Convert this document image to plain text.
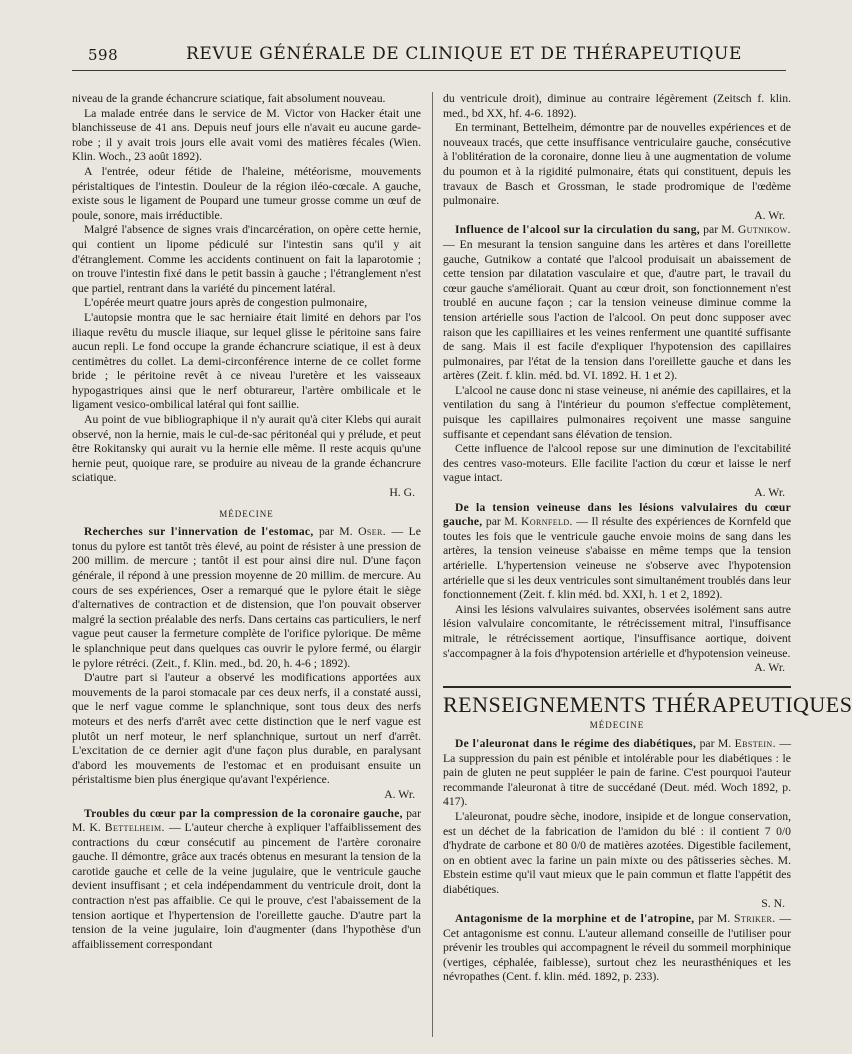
598	REVUE GÉNÉRALE DE CLINIQUE ET DE THÉRAPEUTIQUE

niveau de la grande échancrure sciatique, fait absolument nouveau.

La malade entrée dans le service de M. Victor von Hacker était une blanchisseuse de 41 ans. Depuis neuf jours elle n'avait eu aucune garde-robe ; il y avait trois jours elle avait vomi des matières fécales (Wien. Klin. Woch., 23 août 1892).

A l'entrée, odeur fétide de l'haleine, météorisme, mouvements péristaltiques de l'intestin. Douleur de la région iléo-cœcale. A gauche, existe sous le ligament de Poupard une tumeur grosse comme un œuf de poule, sonore, mais irréductible.

Malgré l'absence de signes vrais d'incarcération, on opère cette hernie, qui contient un lipome pédiculé sur l'intestin sans qu'il y ait d'étranglement. Comme les accidents continuent on fait la laparotomie ; on trouve l'intestin fixé dans le petit bassin à gauche ; l'étranglement n'est que partiel, rentrant dans la variété du pincement latéral.

L'opérée meurt quatre jours après de congestion pulmonaire,

L'autopsie montra que le sac herniaire était limité en dehors par l'os iliaque revêtu du muscle iliaque, sur lequel glisse le péritoine sans faire aucun repli. Le fond occupe la grande échancrure sciatique, il est à deux centimètres du collet. La demi-circonférence interne de ce collet forme bride ; le péritoine revêt à ce niveau l'uretère et les vaisseaux hypogastriques ainsi que le nerf obturareur, l'artère ombilicale et le ligament vesico-ombilical latéral qui font saillie.

Au point de vue bibliographique il n'y aurait qu'à citer Klebs qui aurait observé, non la hernie, mais le cul-de-sac péritonéal qui y prélude, et peut être Rokitansky qui aurait vu la hernie elle même. Il reste acquis qu'une hernie peut, quoique rare, se produire au niveau de la grande échancrure sciatique.

H. G.

MÉDECINE

Recherches sur l'innervation de l'estomac, par M. Oser. — Le tonus du pylore est tantôt très élevé, au point de résister à une pression de 200 millim. de mercure ; tantôt il est pour ainsi dire nul. D'une façon générale, il répond à une pression moyenne de 20 millim. de mercure. Au cours de ses expériences, Oser a remarqué que le pylore était le siège d'alternatives de contraction et de distension, que l'on pouvait observer malgré la section préalable des nerfs. Dans certains cas particuliers, le nerf vague peut causer la fermeture complète de l'orifice pylorique. De même le splanchnique peut dans quelques cas ouvrir le pylore fermé, ou élargir le pylore rétréci. (Zeit., f. Klin. med., bd. 20, h. 4-6 ; 1892).

D'autre part si l'auteur a observé les modifications apportées aux mouvements de la paroi stomacale par ces deux nerfs, il a constaté aussi, que le nerf vague comme le splanchnique, sont tous deux des nerfs moteurs et des nerfs d'arrêt avec cette distinction que le nerf vague est plutôt un nerf moteur, le nerf splanchnique, surtout un nerf d'arrêt. L'excitation de ce dernier agit d'une façon plus durable, en paralysant d'abord les mouvements de l'estomac et en produisant ensuite un péristaltisme bien plus énergique qu'avant l'expérience.

A. Wr.

Troubles du cœur par la compression de la coronaire gauche, par M. K. Bettelheim. — L'auteur cherche à expliquer l'affaiblissement des contractions du cœur consécutif au pincement de l'artère coronaire gauche. Il démontre, grâce aux tracés obtenus en mesurant la tension de la carotide gauche et celle de la veine jugulaire, que le ventricule gauche devient insuffisant ; et cela indépendamment du ventricule droit, dont la contraction n'est pas affaiblie. Ce qui le prouve, c'est l'abaissement de la tension aortique et l'hypertension de l'oreillette gauche. D'autre part la tension de la veine jugulaire, loin d'augmenter (dans l'hypothèse d'un affaiblissement correspondant

du ventricule droit), diminue au contraire légèrement (Zeitsch f. klin. med., bd XX, hf. 4-6. 1892).

En terminant, Bettelheim, démontre par de nouvelles expériences et de nouveaux tracés, que cette insuffisance ventriculaire gauche, consécutive à l'oblitération de la coronaire, donne lieu à une augmentation de volume du poumon et à la rigidité pulmonaire, états qui constituent, depuis les travaux de Basch et Grossman, le stade prodromique de l'œdème pulmonaire.

A. Wr.

Influence de l'alcool sur la circulation du sang, par M. Gutnikow. — En mesurant la tension sanguine dans les artères et dans l'oreillette gauche, Gutnikow a contaté que l'alcool produisait un abaissement de cette tension par dilatation vasculaire et que, d'autre part, le travail du cœur gauche s'améliorait. Quant au cœur droit, son fonctionnement n'est troublé en aucune façon ; car la tension veineuse diminue comme la tension artérielle sous l'action de l'alcool. On peut donc supposer avec raison que les capilliaires et les veines renferment une quantité suffisante de sang. Mais il est facile d'expliquer l'hypotension des capillaires pulmonaires, par l'état de la tension dans l'oreillette gauche et dans les artères (Zeit. f. klin. méd. bd. VI. 1892. H. 1 et 2).

L'alcool ne cause donc ni stase veineuse, ni anémie des capillaires, et la ventilation du sang à l'intérieur du poumon s'effectue complètement, puisque les capillaires pulmonaires reçoivent une masse sanguine suffisante et cependant sans élévation de tension.

Cette influence de l'alcool repose sur une diminution de l'excitabilité des centres vaso-moteurs. Elle facilite l'action du cœur et laisse le nerf vague intact.

A. Wr.

De la tension veineuse dans les lésions valvulaires du cœur gauche, par M. Kornfeld. — Il résulte des expériences de Kornfeld que toutes les fois que le ventricule gauche envoie moins de sang dans les artères, la tension veineuse s'abaisse en même temps que la tension artérielle. L'hypertension veineuse ne s'observe avec l'hypotension artérielle que si les deux ventricules sont simultanément troublés dans leur fonctionnement (Zeit. f. klin méd. bd. XXI, h. 1 et 2, 1892).

Ainsi les lésions valvulaires suivantes, observées isolément sans autre lésion valvulaire concomitante, le rétrécissement mitral, l'insuffisance mitrale, le rétrécissement aortique, l'insuffisance aortique, doivent s'accompagner à la fois d'hypotension artérielle et d'hypotension veineuse.

A. Wr.

RENSEIGNEMENTS THÉRAPEUTIQUES
MÉDECINE

De l'aleuronat dans le régime des diabétiques, par M. Ebstein. — La suppression du pain est pénible et intolérable pour les diabétiques : le pain de gluten ne peut suppléer le pain de farine. C'est pourquoi l'auteur recommande l'aleuronat à titre de succédané (Deut. méd. Woch 1892, p. 417).

L'aleuronat, poudre sèche, inodore, insipide et de longue conservation, est un déchet de la fabrication de l'amidon du blé : il contient 7 0/0 d'hydrate de carbone et 80 0/0 de matières azotées. Digestible facilement, on en obtient avec la farine un pain mixte ou des pâtisseries sèches. M. Ebstein estime qu'il vaut mieux que le pain commun et flatte l'appétit des diabétiques.

S. N.

Antagonisme de la morphine et de l'atropine, par M. Striker. — Cet antagonisme est connu. L'auteur allemand conseille de l'utiliser pour prévenir les troubles qui accompagnent le réveil du sommeil morphinique (vertiges, céphalée, faiblesse), surtout chez les neurasthéniques et les névropathes (Cent. f. klin. méd. 1892, p. 233).
